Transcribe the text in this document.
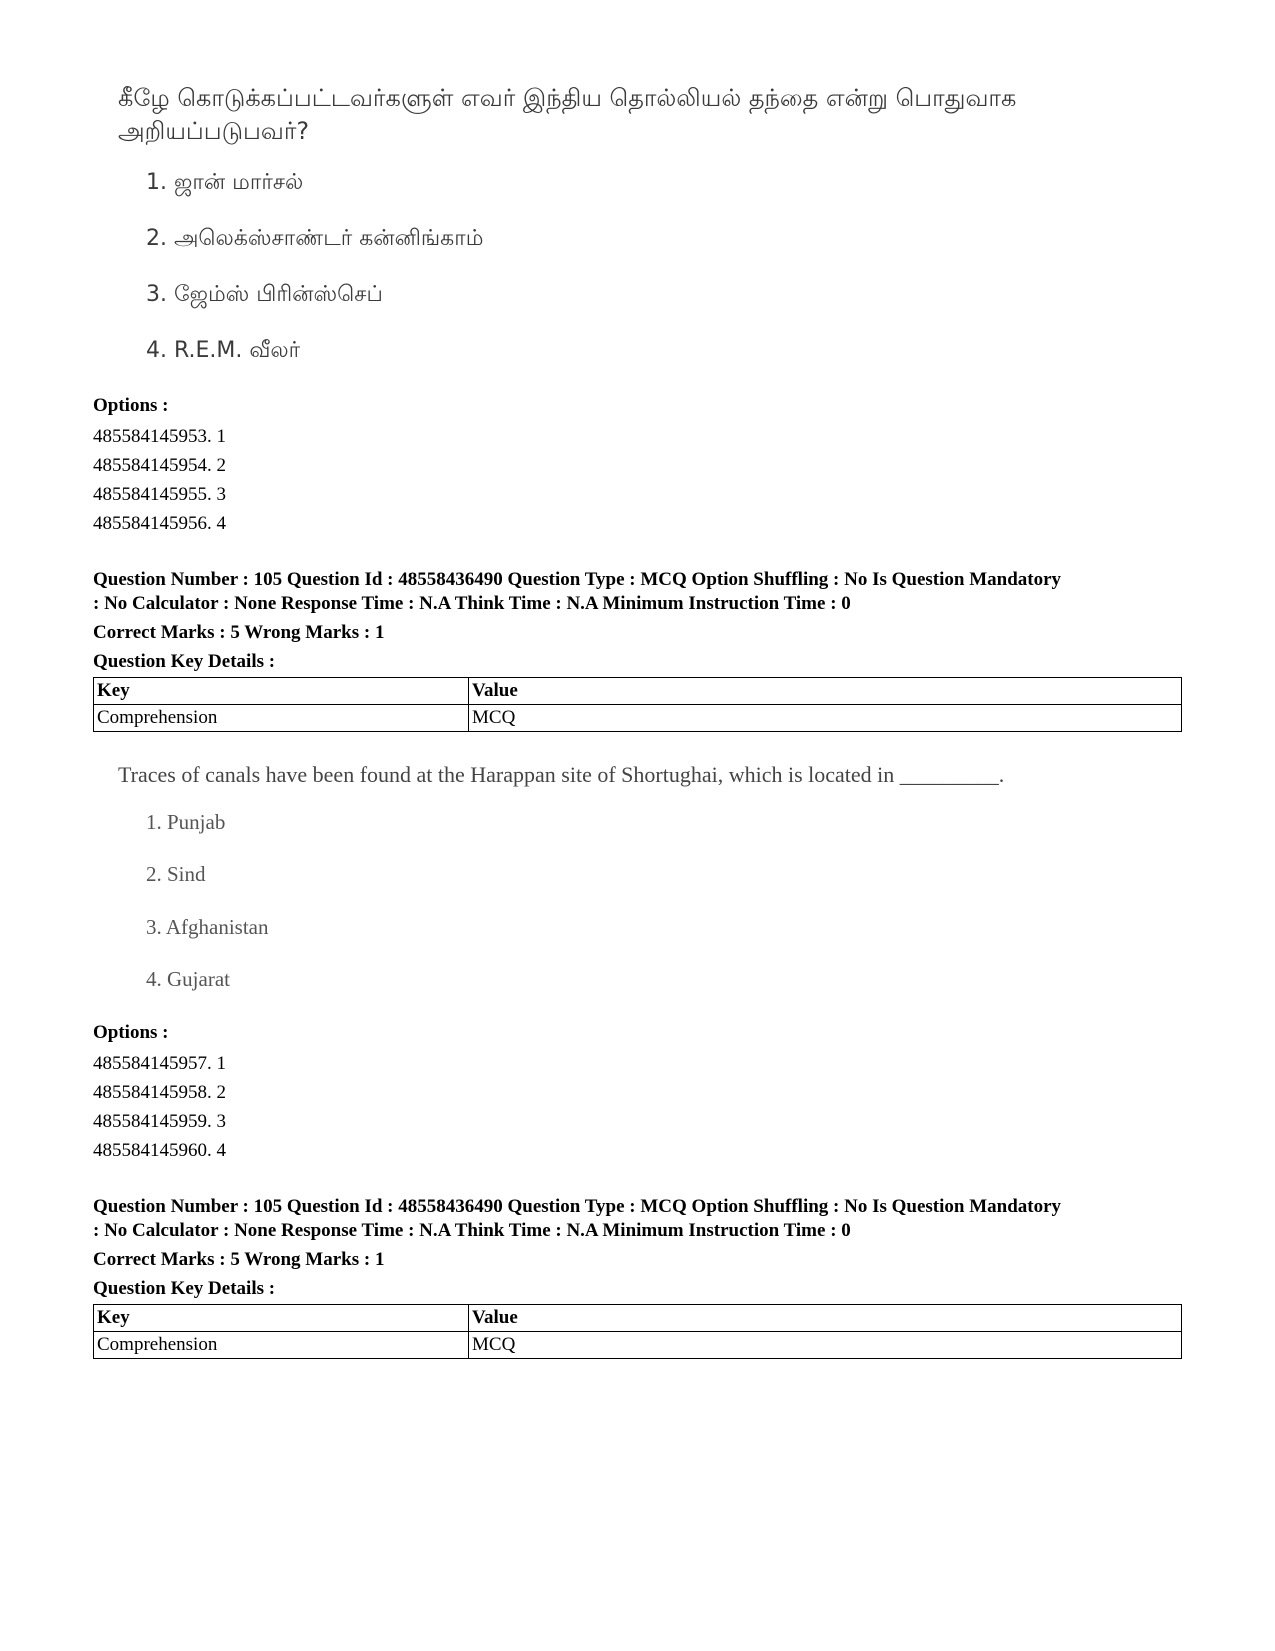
கீழே கொடுக்கப்பட்டவர்களுள் எவர் இந்திய தொல்லியல் தந்தை என்று பொதுவாக அறியப்படுபவர்?

1. ஜான் மார்சல்

2. அலெக்ஸ்சாண்டர் கன்னிங்காம்

3. ஜேம்ஸ் பிரின்ஸ்செப்

4. R.E.M. வீலர்

Options :

485584145953. 1
485584145954. 2
485584145955. 3
485584145956. 4

Question Number : 105 Question Id : 48558436490 Question Type : MCQ Option Shuffling : No Is Question Mandatory

: No Calculator : None Response Time : N.A Think Time : N.A Minimum Instruction Time : 0

Correct Marks : 5 Wrong Marks : 1

Question Key Details :

Key	Value
Comprehension	MCQ

Traces of canals have been found at the Harappan site of Shortughai, which is located in _________.

1. Punjab

2. Sind

3. Afghanistan

4. Gujarat

Options :

485584145957. 1
485584145958. 2
485584145959. 3
485584145960. 4

Question Number : 105 Question Id : 48558436490 Question Type : MCQ Option Shuffling : No Is Question Mandatory

: No Calculator : None Response Time : N.A Think Time : N.A Minimum Instruction Time : 0

Correct Marks : 5 Wrong Marks : 1

Question Key Details :

Key	Value
Comprehension	MCQ
